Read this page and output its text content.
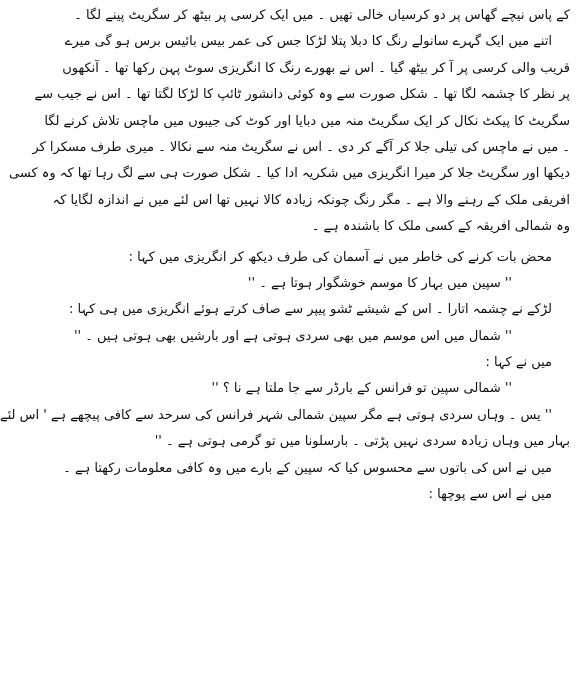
کے پاس نیچے گھاس پر دو کرسیاں خالی تھیں ۔ میں ایک کرسی پر بیٹھ کر سگریٹ پینے لگا ۔
اتنے میں ایک گہرے سانولے رنگ کا دبلا پتلا لڑکا جس کی عمر بیس بائیس برس ہو گی میرے
قریب والی کرسی پر آ کر بیٹھ گیا ۔ اس نے بھورے رنگ کا انگریزی سوٹ پہن رکھا تھا ۔ آنکھوں
پر نظر کا چشمہ لگا تھا ۔ شکل صورت سے وہ کوئی دانشور ٹائپ کا لڑکا لگتا تھا ۔ اس نے جیب سے
سگریٹ کا پیکٹ نکال کر ایک سگریٹ منہ میں دبایا اور کوٹ کی جیبوں میں ماچس تلاش کرنے لگا
۔ میں نے ماچس کی تیلی جلا کر آگے کر دی ۔ اس نے سگریٹ منہ سے نکالا ۔ میری طرف مسکرا کر
دیکھا اور سگریٹ جلا کر میرا انگریزی میں شکریہ ادا کیا ۔ شکل صورت ہی سے لگ رہا تھا کہ وہ کسی
افریقی ملک کے رہنے والا ہے ۔ مگر رنگ چونکہ زیادہ کالا نہیں تھا اس لئے میں نے اندازہ لگایا کہ
وہ شمالی افریقہ کے کسی ملک کا باشندہ ہے ۔
محض بات کرنے کی خاطر میں نے آسمان کی طرف دیکھ کر انگریزی میں کہا :
'' سپین میں بہار کا موسم خوشگوار ہوتا ہے ۔ ''
لڑکے نے چشمہ اتارا ۔ اس کے شیشے ٹشو پیپر سے صاف کرتے ہوئے انگریزی میں ہی کہا :
'' شمال میں اس موسم میں بھی سردی ہوتی ہے اور بارشیں بھی ہوتی ہیں ۔ ''
میں نے کہا :
'' شمالی سپین تو فرانس کے بارڈر سے جا ملتا ہے نا ؟ ''
'' یس ۔ وہاں سردی ہوتی ہے مگر سپین شمالی شہر فرانس کی سرحد سے کافی پیچھے ہے ' اس لئے
بہار میں وہاں زیادہ سردی نہیں پڑتی ۔ بارسلونا میں تو گرمی ہوتی ہے ۔ ''
میں نے اس کی باتوں سے محسوس کیا کہ سپین کے بارے میں وہ کافی معلومات رکھتا ہے ۔
میں نے اس سے پوچھا :
